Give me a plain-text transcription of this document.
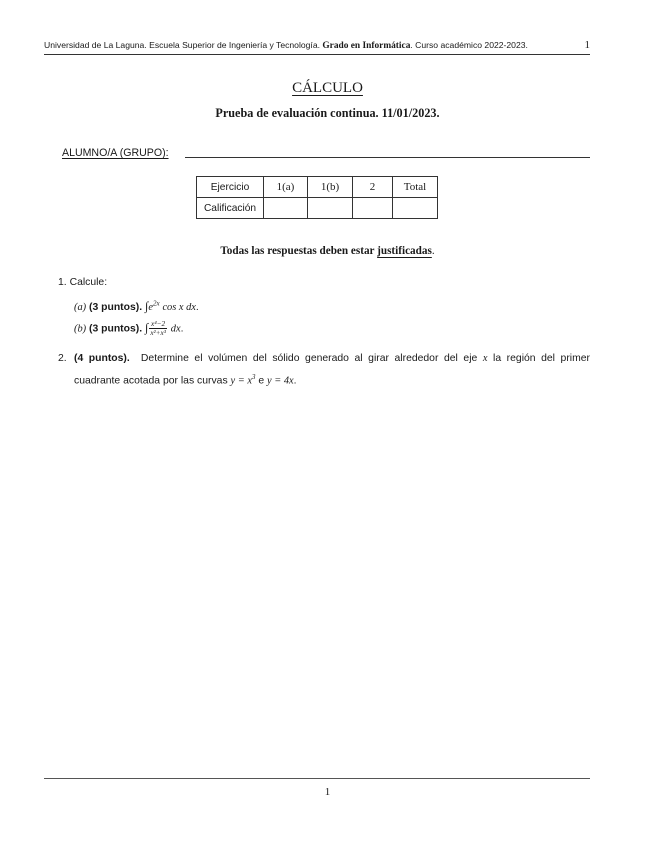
Universidad de La Laguna. Escuela Superior de Ingeniería y Tecnología. Grado en Informática. Curso académico 2022-2023.	1
CÁLCULO
Prueba de evaluación continua. 11/01/2023.
ALUMNO/A (GRUPO):
Ejercicio	1(a)	1(b)	2	Total
Calificación				
Todas las respuestas deben estar justificadas.
1. Calcule:
(a) (3 puntos). $\int e^{2x}$ cos x dx.
(b) (3 puntos). ∫ $\frac{\text{x⁴−2}}{\text{x²+x³}}$ dx.
2. (4 puntos). Determine el volúmen del sólido generado al girar alrededor del eje x la región del primer cuadrante acotada por las curvas $y = x^3$ e y = 4x.
1
